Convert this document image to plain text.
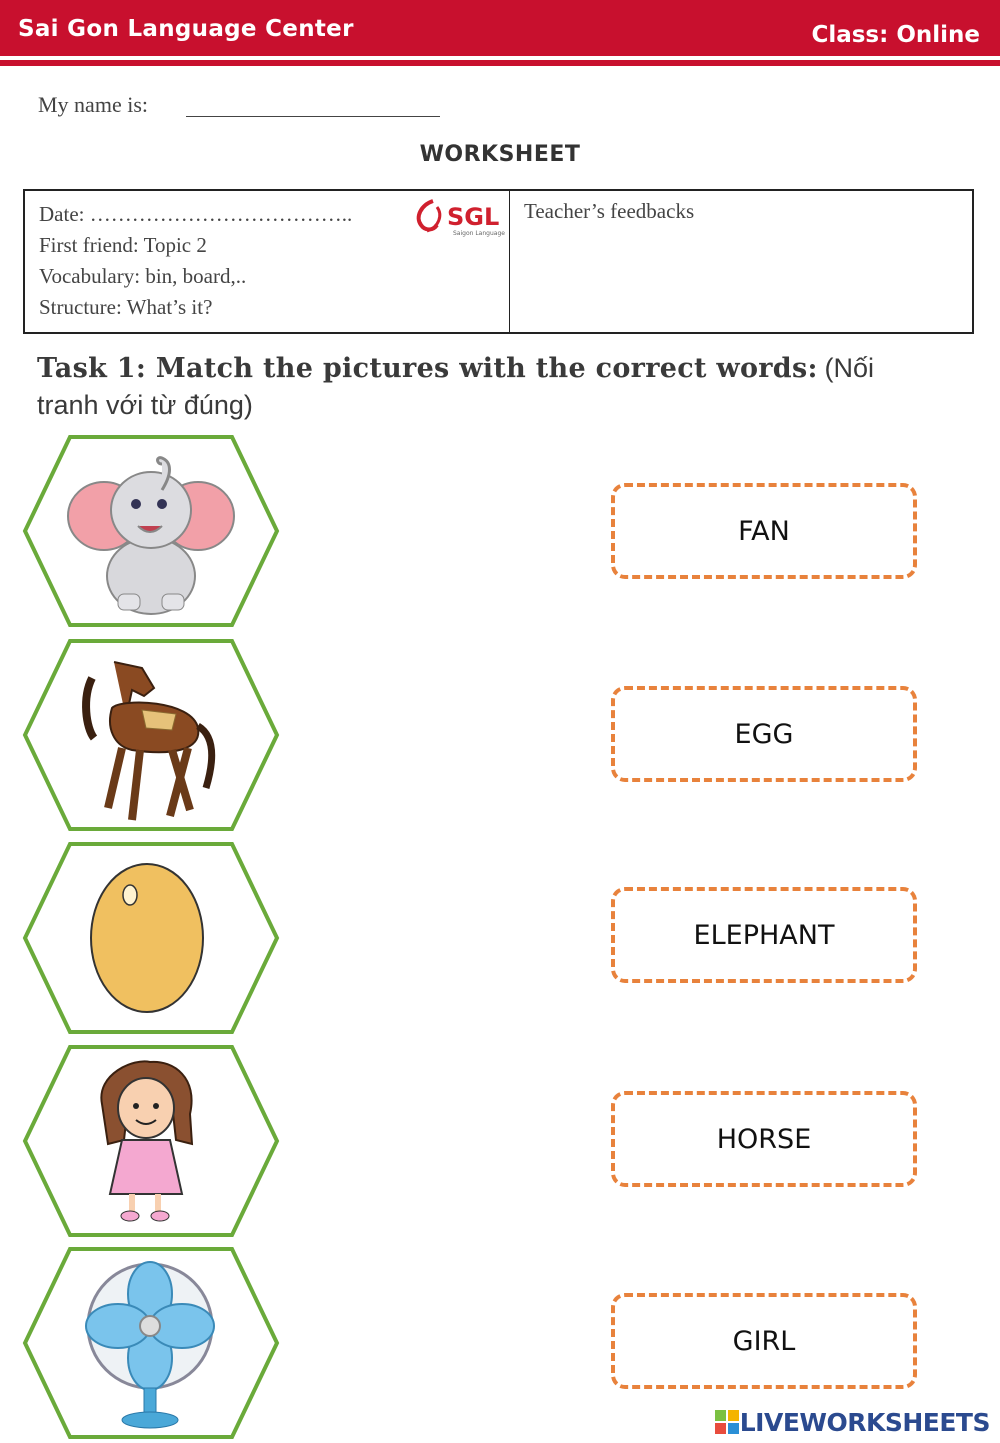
Sai Gon Language Center	Class: Online
My name is:
WORKSHEET
Date: ………………………………..
First friend: Topic 2
Vocabulary: bin, board,..
Structure: What’s it?
SGL
Saigon Language
Teacher’s feedbacks
Task 1: Match the pictures with the correct words: (Nối tranh với từ đúng)
FAN
EGG
ELEPHANT
HORSE
GIRL
LIVEWORKSHEETS
